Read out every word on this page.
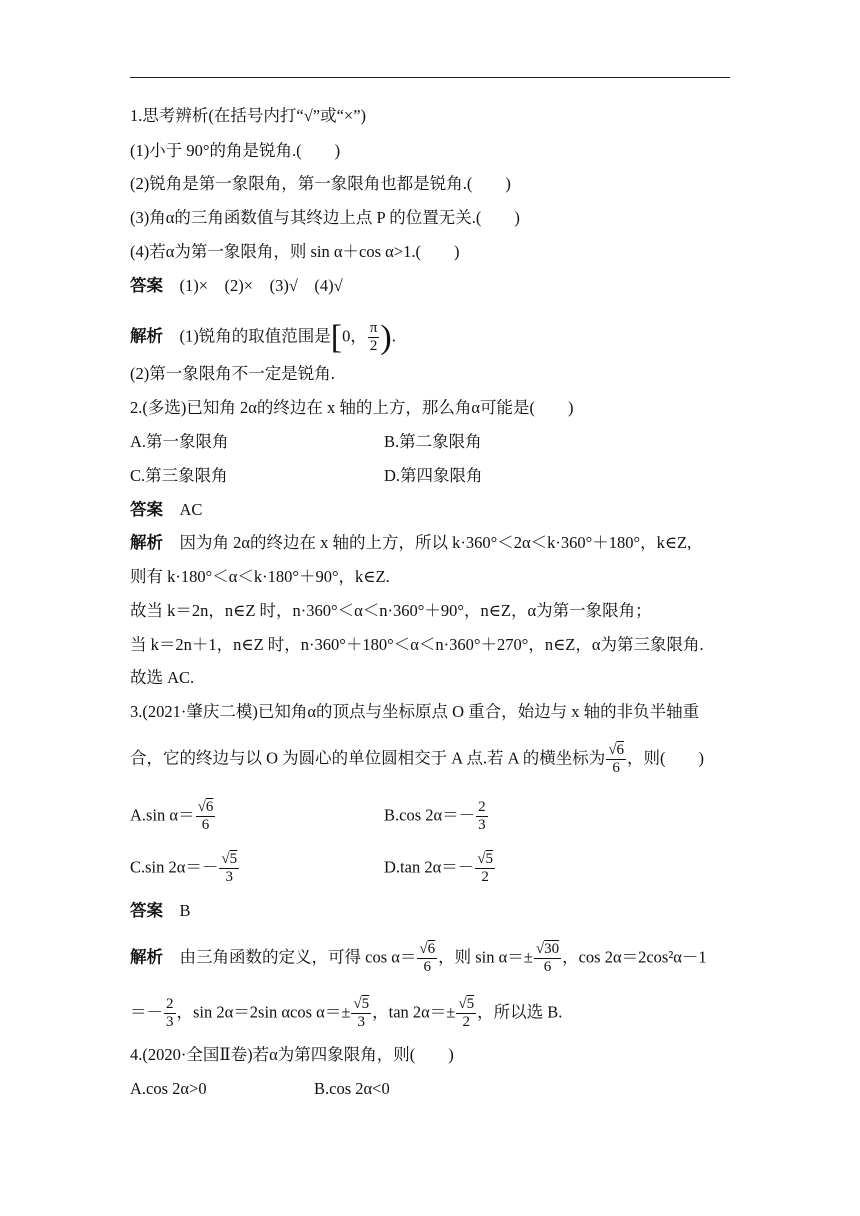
1.思考辨析(在括号内打“√”或“×”)
(1)小于 90°的角是锐角.(　　)
(2)锐角是第一象限角，第一象限角也都是锐角.(　　)
(3)角α的三角函数值与其终边上点 P 的位置无关.(　　)
(4)若α为第一象限角，则 sin α＋cos α>1.(　　)
答案 (1)×　(2)×　(3)√　(4)√
解析 (1)锐角的取值范围是[0， $\frac{\pi}{2}$ ).
(2)第一象限角不一定是锐角.
2.(多选)已知角 2α的终边在 x 轴的上方，那么角α可能是(　　)
A.第一象限角	B.第二象限角
C.第三象限角	D.第四象限角
答案 AC
解析 因为角 2α的终边在 x 轴的上方，所以 k·360°＜2α＜k·360°＋180°，k∈Z,
则有 k·180°＜α＜k·180°＋90°，k∈Z.
故当 k＝2n，n∈Z 时，n·360°＜α＜n·360°＋90°，n∈Z，α为第一象限角；
当 k＝2n＋1，n∈Z 时，n·360°＋180°＜α＜n·360°＋270°，n∈Z，α为第三象限角.
故选 AC.
3.(2021·肇庆二模)已知角α的顶点与坐标原点 O 重合，始边与 x 轴的非负半轴重
合，它的终边与以 O 为圆心的单位圆相交于 A 点.若 A 的横坐标为 $\frac{√6}{6}$ ，则(　　)
A.sin $\alpha= \frac{√6}{6}$	B.cos $2\alpha=- \frac{2}{3}$
C.sin $2\alpha=- \frac{√5}{3}$	D.tan $2\alpha=- \frac{√5}{2}$
答案 B
解析 由三角函数的定义，可得 $\cos \alpha= \frac{√6}{6}$ ，则 $\sin \alpha=\pm \frac{√30}{6}$ ，cos 2α＝2cos²α－1
＝－ $\frac{2}{3}$ ，sin 2α＝2sin αcos $\alpha=\pm \frac{√5}{3}$ ，$\tan 2\alpha=\pm \frac{√5}{2}$ ，所以选 B.
4.(2020·全国Ⅱ卷)若α为第四象限角，则(　　)
A.cos 2α>0	B.cos 2α<0
